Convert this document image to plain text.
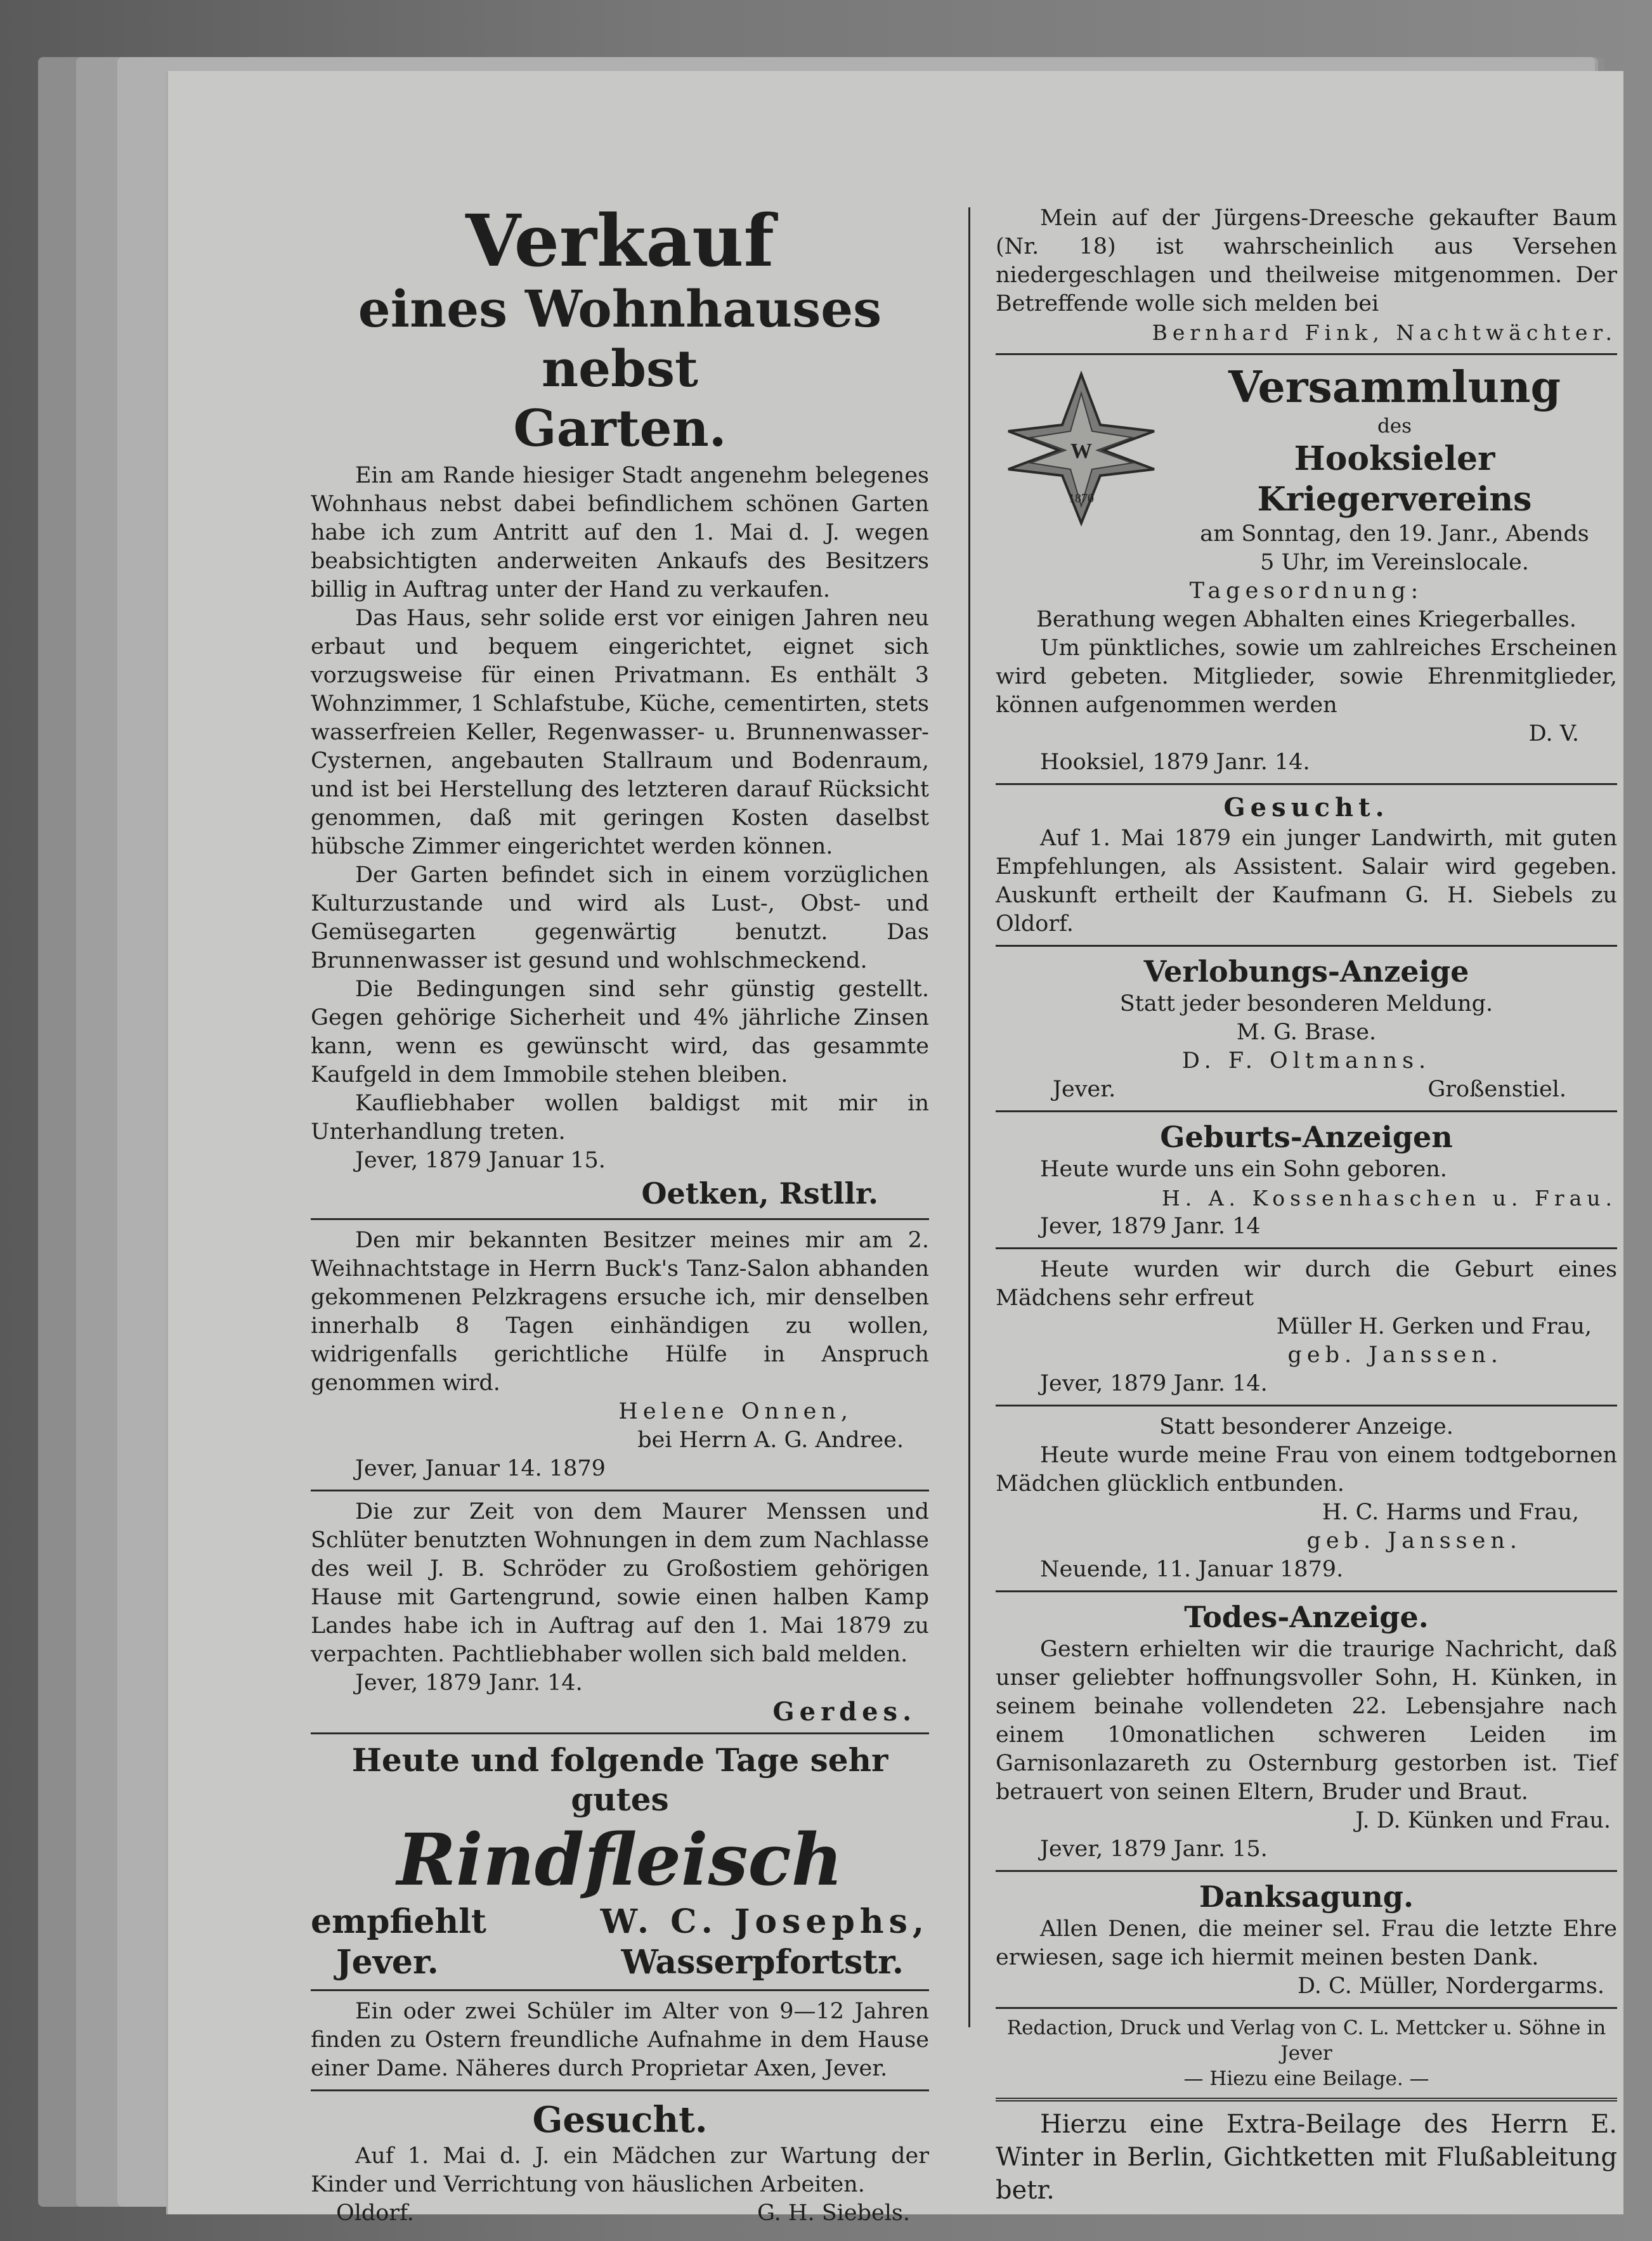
Verkauf
eines Wohnhauses nebst
Garten.

Ein am Rande hiesiger Stadt angenehm belegenes Wohnhaus nebst dabei befindlichem schönen Garten habe ich zum Antritt auf den 1. Mai d. J. wegen beabsichtigten anderweiten Ankaufs des Besitzers billig in Auftrag unter der Hand zu verkaufen.

Das Haus, sehr solide erst vor einigen Jahren neu erbaut und bequem eingerichtet, eignet sich vorzugsweise für einen Privatmann. Es enthält 3 Wohnzimmer, 1 Schlafstube, Küche, cementirten, stets wasserfreien Keller, Regenwasser- u. Brunnenwasser-Cysternen, angebauten Stallraum und Bodenraum, und ist bei Herstellung des letzteren darauf Rücksicht genommen, daß mit geringen Kosten daselbst hübsche Zimmer eingerichtet werden können.

Der Garten befindet sich in einem vorzüglichen Kulturzustande und wird als Lust-, Obst- und Gemüsegarten gegenwärtig benutzt. Das Brunnenwasser ist gesund und wohlschmeckend.

Die Bedingungen sind sehr günstig gestellt. Gegen gehörige Sicherheit und 4% jährliche Zinsen kann, wenn es gewünscht wird, das gesammte Kaufgeld in dem Immobile stehen bleiben.

Kaufliebhaber wollen baldigst mit mir in Unterhandlung treten.

Jever, 1879 Januar 15.
Oetken, Rstllr.

Den mir bekannten Besitzer meines mir am 2. Weihnachtstage in Herrn Buck's Tanz-Salon abhanden gekommenen Pelzkragens ersuche ich, mir denselben innerhalb 8 Tagen einhändigen zu wollen, widrigenfalls gerichtliche Hülfe in Anspruch genommen wird.

Helene Onnen,
bei Herrn A. G. Andree.
Jever, Januar 14. 1879

Die zur Zeit von dem Maurer Menssen und Schlüter benutzten Wohnungen in dem zum Nachlasse des weil J. B. Schröder zu Großostiem gehörigen Hause mit Gartengrund, sowie einen halben Kamp Landes habe ich in Auftrag auf den 1. Mai 1879 zu verpachten. Pachtliebhaber wollen sich bald melden.

Jever, 1879 Janr. 14.
Gerdes.
Heute und folgende Tage sehr gutes
Rindfleisch
empfiehlt	W. C. Josephs,
Jever.	Wasserpfortstr.

Ein oder zwei Schüler im Alter von 9—12 Jahren finden zu Ostern freundliche Aufnahme in dem Hause einer Dame. Näheres durch Proprietar Axen, Jever.

Gesucht.

Auf 1. Mai d. J. ein Mädchen zur Wartung der Kinder und Verrichtung von häuslichen Arbeiten.

Oldorf.	G. H. Siebels.

Mein auf der Jürgens-Dreesche gekaufter Baum (Nr. 18) ist wahrscheinlich aus Versehen niedergeschlagen und theilweise mitgenommen. Der Betreffende wolle sich melden bei

Bernhard Fink, Nachtwächter.
W
1870
Versammlung
des
Hooksieler Kriegervereins
am Sonntag, den 19. Janr., Abends
5 Uhr, im Vereinslocale.
Tagesordnung:
Berathung wegen Abhalten eines Kriegerballes.

Um pünktliches, sowie um zahlreiches Erscheinen wird gebeten. Mitglieder, sowie Ehrenmitglieder, können aufgenommen werden

D. V.
Hooksiel, 1879 Janr. 14.
Gesucht.

Auf 1. Mai 1879 ein junger Landwirth, mit guten Empfehlungen, als Assistent. Salair wird gegeben. Auskunft ertheilt der Kaufmann G. H. Siebels zu Oldorf.

Verlobungs-Anzeige
Statt jeder besonderen Meldung.
M. G. Brase.
D. F. Oltmanns.
Jever.	Großenstiel.
Geburts-Anzeigen
Heute wurde uns ein Sohn geboren.
H. A. Kossenhaschen u. Frau.
Jever, 1879 Janr. 14

Heute wurden wir durch die Geburt eines Mädchens sehr erfreut

Müller H. Gerken und Frau,
geb. Janssen.
Jever, 1879 Janr. 14.
Statt besonderer Anzeige.

Heute wurde meine Frau von einem todtgebornen Mädchen glücklich entbunden.

H. C. Harms und Frau,
geb. Janssen.
Neuende, 11. Januar 1879.
Todes-Anzeige.

Gestern erhielten wir die traurige Nachricht, daß unser geliebter hoffnungsvoller Sohn, H. Künken, in seinem beinahe vollendeten 22. Lebensjahre nach einem 10monatlichen schweren Leiden im Garnisonlazareth zu Osternburg gestorben ist. Tief betrauert von seinen Eltern, Bruder und Braut.

J. D. Künken und Frau.
Jever, 1879 Janr. 15.
Danksagung.

Allen Denen, die meiner sel. Frau die letzte Ehre erwiesen, sage ich hiermit meinen besten Dank.

D. C. Müller, Nordergarms.
Redaction, Druck und Verlag von C. L. Mettcker u. Söhne in Jever
— Hiezu eine Beilage. —

Hierzu eine Extra-Beilage des Herrn E. Winter in Berlin, Gichtketten mit Flußableitung betr.
